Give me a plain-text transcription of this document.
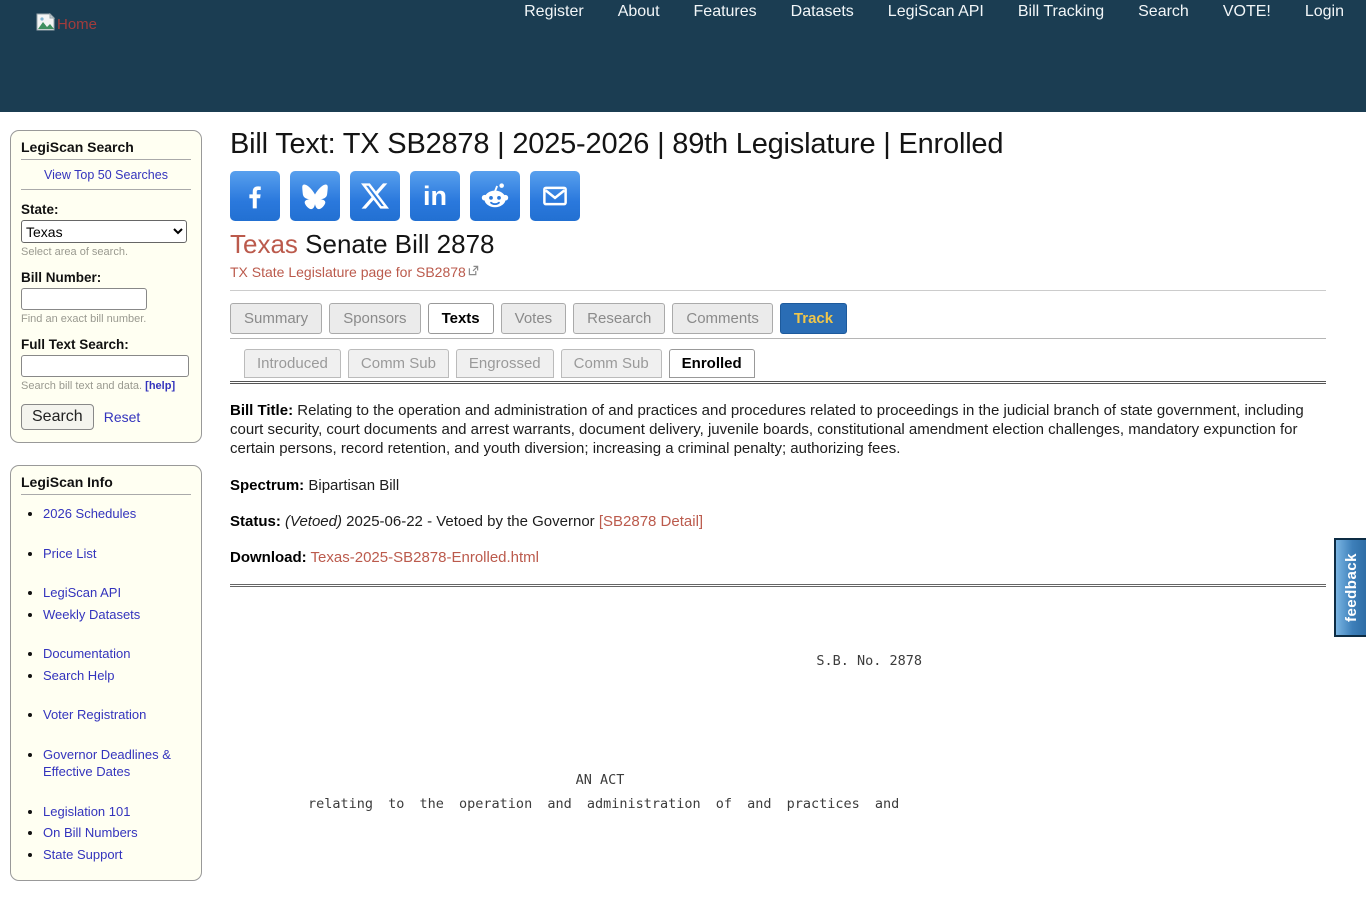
Home
Register About Features Datasets LegiScan API Bill Tracking Search VOTE! Login
LegiScan Search
View Top 50 Searches
State:
Texas
Select area of search.
Bill Number:
Find an exact bill number.
Full Text Search:
Search bill text and data. [help]
Search	Reset
LegiScan Info
• 2026 Schedules
• Price List
• LegiScan API
• Weekly Datasets
• Documentation
• Search Help
• Voter Registration
• Governor Deadlines & Effective Dates
• Legislation 101
• On Bill Numbers
• State Support
Bill Text: TX SB2878 | 2025-2026 | 89th Legislature | Enrolled
in
Texas Senate Bill 2878
TX State Legislature page for SB2878
Summary	Sponsors	Texts	Votes	Research	Comments	Track
Introduced	Comm Sub	Engrossed	Comm Sub	Enrolled

Bill Title: Relating to the operation and administration of and practices and procedures related to proceedings in the judicial branch of state government, including court security, court documents and arrest warrants, document delivery, juvenile boards, constitutional amendment election challenges, mandatory expunction for certain persons, record retention, and youth diversion; increasing a criminal penalty; authorizing fees.

Spectrum: Bipartisan Bill

Status: (Vetoed) 2025-06-22 - Vetoed by the Governor [SB2878 Detail]

Download: Texas-2025-SB2878-Enrolled.html

S.B. No. 2878
AN ACT
relating to the operation and administration of and practices and
feedback
